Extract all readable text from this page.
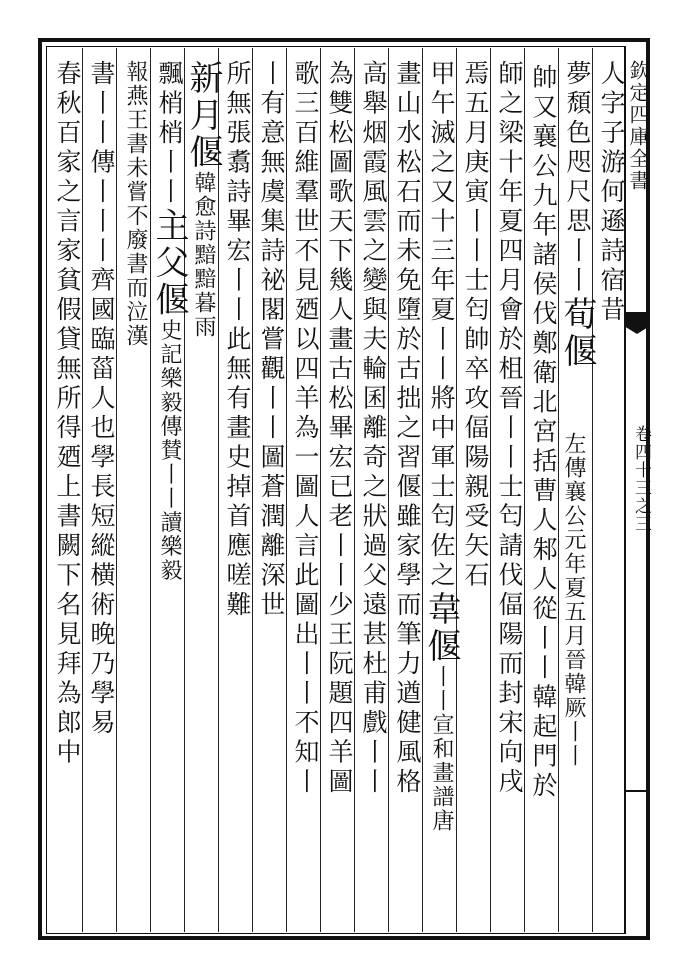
欽定四庫全書
卷四十三之三
人字子游何遜詩宿昔
夢頹色咫尺思丨丨荀偃
帥又襄公九年諸侯伐鄭衛北宮括曹人邾人從丨丨韓起門於 左傳襄公元年夏五月晉韓厥丨丨
師之梁十年夏四月會於柤晉丨丨士匄請伐偪陽而封宋向戌
焉五月庚寅丨丨士匄帥卒攻偪陽親受矢石
甲午滅之又十三年夏丨丨將中軍士匄佐之韋偃丨丨宣和畫譜唐
畫山水松石而未免墮於古拙之習偃雖家學而筆力遒健風格
高舉烟霞風雲之變與夫輪囷離奇之狀過父遠甚杜甫戲丨丨
為雙松圖歌天下幾人畫古松畢宏已老丨丨少王阮題四羊圖
歌三百維羣世不見廼以四羊為一圖人言此圖出丨丨不知丨
丨有意無虞集詩祕閣嘗觀丨丨圖蒼潤離深世
所無張翥詩畢宏丨丨此無有畫史掉首應嗟難
新月偃韓愈詩黯黯暮雨
飄梢梢丨丨主父偃史記樂毅傳賛丨丨讀樂毅
報燕王書未嘗不廢書而泣漢
書丨丨傳丨丨丨齊國臨菑人也學長短縱横術晚乃學易
春秋百家之言家貧假貸無所得廼上書闕下名見拜為郎中
